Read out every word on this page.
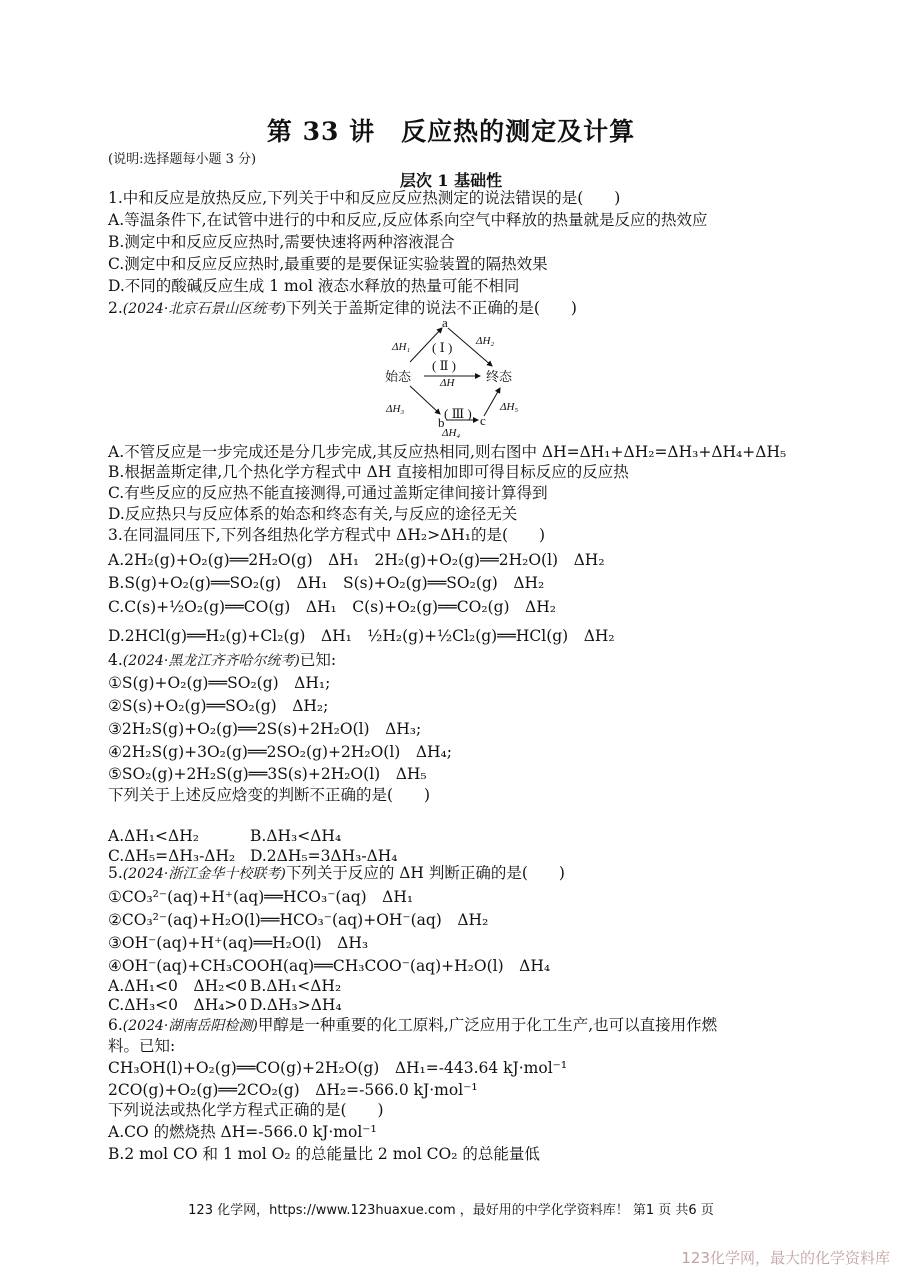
第 33 讲　反应热的测定及计算
(说明:选择题每小题 3 分)
层次 1 基础性
1.中和反应是放热反应,下列关于中和反应反应热测定的说法错误的是(　　)
A.等温条件下,在试管中进行的中和反应,反应体系向空气中释放的热量就是反应的热效应
B.测定中和反应反应热时,需要快速将两种溶液混合
C.测定中和反应反应热时,最重要的是要保证实验装置的隔热效果
D.不同的酸碱反应生成 1 mol 液态水释放的热量可能不相同
2.(2024·北京石景山区统考)下列关于盖斯定律的说法不正确的是(　　)
a
始态	终态
b	c
( Ⅰ )
( Ⅱ )
( Ⅲ )
ΔH₁	ΔH₂
ΔH
ΔH₃
ΔH₄
ΔH₅
A.不管反应是一步完成还是分几步完成,其反应热相同,则右图中 ΔH=ΔH₁+ΔH₂=ΔH₃+ΔH₄+ΔH₅
B.根据盖斯定律,几个热化学方程式中 ΔH 直接相加即可得目标反应的反应热
C.有些反应的反应热不能直接测得,可通过盖斯定律间接计算得到
D.反应热只与反应体系的始态和终态有关,与反应的途径无关
3.在同温同压下,下列各组热化学方程式中 ΔH₂>ΔH₁的是(　　)
A.2H₂(g)+O₂(g)══2H₂O(g)　ΔH₁　2H₂(g)+O₂(g)══2H₂O(l)　ΔH₂
B.S(g)+O₂(g)══SO₂(g)　ΔH₁　S(s)+O₂(g)══SO₂(g)　ΔH₂
C.C(s)+½O₂(g)══CO(g)　ΔH₁　C(s)+O₂(g)══CO₂(g)　ΔH₂
D.2HCl(g)══H₂(g)+Cl₂(g)　ΔH₁　½H₂(g)+½Cl₂(g)══HCl(g)　ΔH₂
4.(2024·黑龙江齐齐哈尔统考)已知:
①S(g)+O₂(g)══SO₂(g)　ΔH₁;
②S(s)+O₂(g)══SO₂(g)　ΔH₂;
③2H₂S(g)+O₂(g)══2S(s)+2H₂O(l)　ΔH₃;
④2H₂S(g)+3O₂(g)══2SO₂(g)+2H₂O(l)　ΔH₄;
⑤SO₂(g)+2H₂S(g)══3S(s)+2H₂O(l)　ΔH₅
下列关于上述反应焓变的判断不正确的是(　　)
A.ΔH₁<ΔH₂	B.ΔH₃<ΔH₄
C.ΔH₅=ΔH₃-ΔH₂ D.2ΔH₅=3ΔH₃-ΔH₄
5.(2024·浙江金华十校联考)下列关于反应的 ΔH 判断正确的是(　　)
①CO₃²⁻(aq)+H⁺(aq)══HCO₃⁻(aq)　ΔH₁
②CO₃²⁻(aq)+H₂O(l)══HCO₃⁻(aq)+OH⁻(aq)　ΔH₂
③OH⁻(aq)+H⁺(aq)══H₂O(l)　ΔH₃
④OH⁻(aq)+CH₃COOH(aq)══CH₃COO⁻(aq)+H₂O(l)　ΔH₄
A.ΔH₁<0　ΔH₂<0 B.ΔH₁<ΔH₂
C.ΔH₃<0　ΔH₄>0 D.ΔH₃>ΔH₄
6.(2024·湖南岳阳检测)甲醇是一种重要的化工原料,广泛应用于化工生产,也可以直接用作燃
料。已知:
CH₃OH(l)+O₂(g)══CO(g)+2H₂O(g)　ΔH₁=-443.64 kJ·mol⁻¹
2CO(g)+O₂(g)══2CO₂(g)　ΔH₂=-566.0 kJ·mol⁻¹
下列说法或热化学方程式正确的是(　　)
A.CO 的燃烧热 ΔH=-566.0 kJ·mol⁻¹
B.2 mol CO 和 1 mol O₂ 的总能量比 2 mol CO₂ 的总能量低
123 化学网，https://www.123huaxue.com ，最好用的中学化学资料库！ 第1 页 共6 页
123化学网，最大的化学资料库
